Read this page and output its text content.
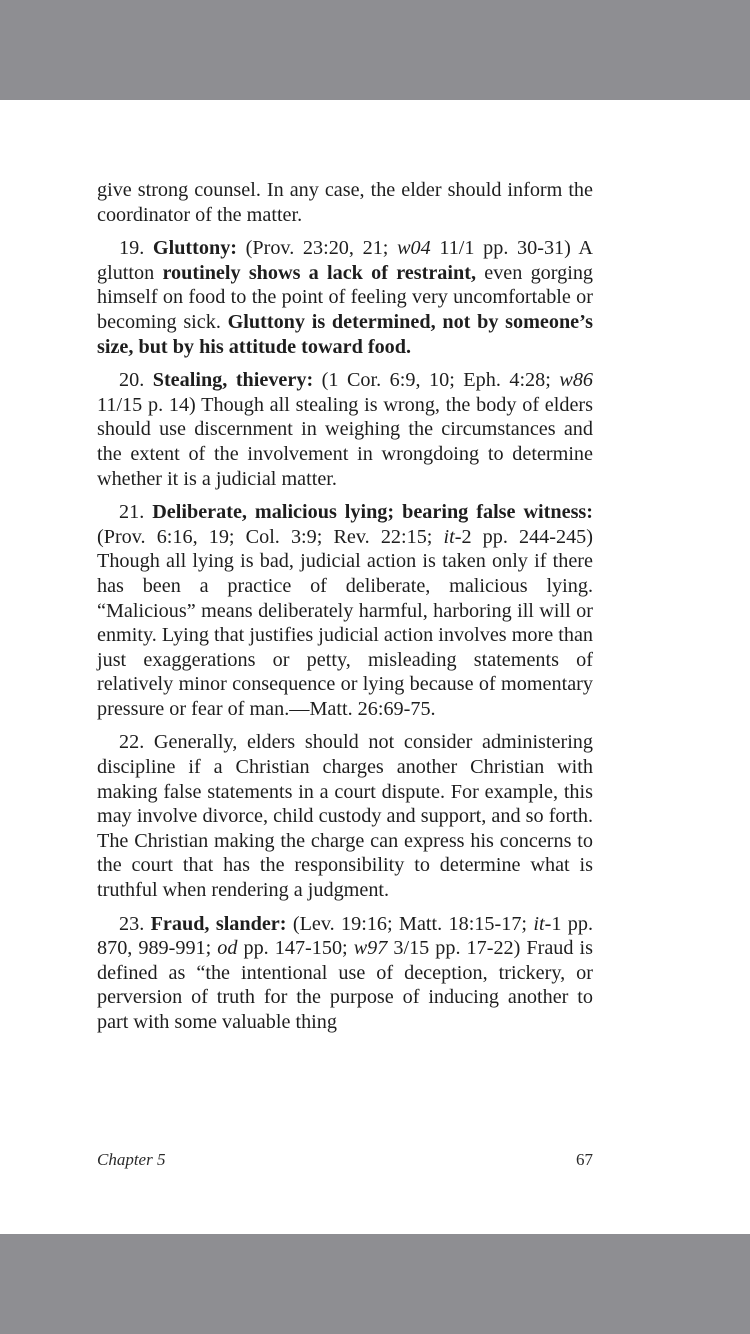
give strong counsel. In any case, the elder should inform the coordinator of the matter.

19. Gluttony: (Prov. 23:20, 21; w04 11/1 pp. 30-31) A glutton routinely shows a lack of restraint, even gorging himself on food to the point of feeling very uncomfortable or becoming sick. Gluttony is determined, not by someone’s size, but by his attitude toward food.

20. Stealing, thievery: (1 Cor. 6:9, 10; Eph. 4:28; w86 11/15 p. 14) Though all stealing is wrong, the body of elders should use discernment in weighing the circumstances and the extent of the involvement in wrongdoing to determine whether it is a judicial matter.

21. Deliberate, malicious lying; bearing false witness: (Prov. 6:16, 19; Col. 3:9; Rev. 22:15; it-2 pp. 244-245) Though all lying is bad, judicial action is taken only if there has been a practice of deliberate, malicious lying. “Malicious” means deliberately harmful, harboring ill will or enmity. Lying that justifies judicial action involves more than just exaggerations or petty, misleading statements of relatively minor consequence or lying because of momentary pressure or fear of man.—Matt. 26:69-75.

22. Generally, elders should not consider administering discipline if a Christian charges another Christian with making false statements in a court dispute. For example, this may involve divorce, child custody and support, and so forth. The Christian making the charge can express his concerns to the court that has the responsibility to determine what is truthful when rendering a judgment.

23. Fraud, slander: (Lev. 19:16; Matt. 18:15-17; it-1 pp. 870, 989-991; od pp. 147-150; w97 3/15 pp. 17-22) Fraud is defined as “the intentional use of deception, trickery, or perversion of truth for the purpose of inducing another to part with some valuable thing

Chapter 5	67
